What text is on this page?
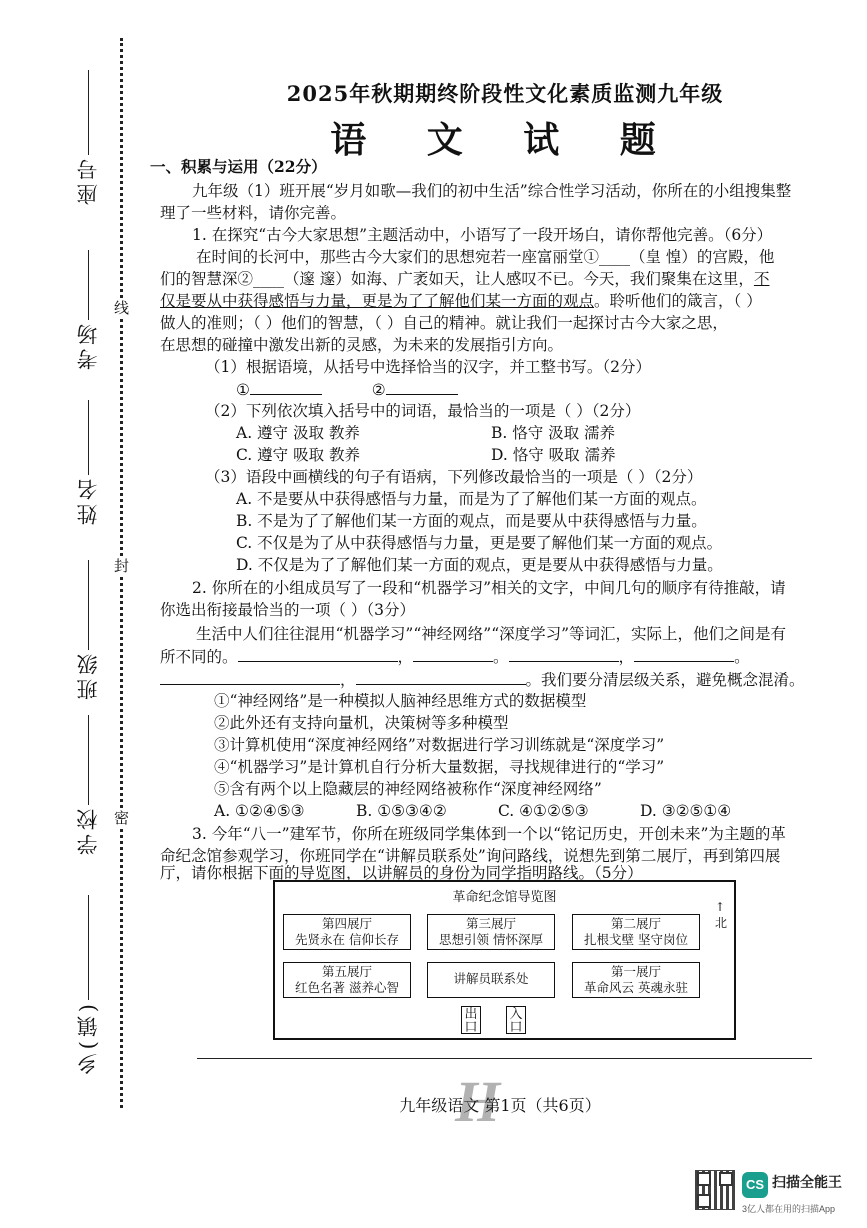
线
封
密
座号
考场
姓名
班级
学校
乡(镇)
2025年秋期期终阶段性文化素质监测九年级
语 文 试 题
一、积累与运用（22分）
九年级（1）班开展“岁月如歌—我们的初中生活”综合性学习活动，你所在的小组搜集整
理了一些材料，请你完善。
1. 在探究“古今大家思想”主题活动中，小语写了一段开场白，请你帮他完善。（6分）
在时间的长河中，那些古今大家们的思想宛若一座富丽堂①____（皇 惶）的宫殿，他
们的智慧深②____（邃 邃）如海、广袤如天，让人感叹不已。今天，我们聚集在这里，不
仅是要从中获得感悟与力量，更是为了了解他们某一方面的观点。聆听他们的箴言，（ ）
做人的准则；（ ）他们的智慧，（ ）自己的精神。就让我们一起探讨古今大家之思，
在思想的碰撞中激发出新的灵感，为未来的发展指引方向。
（1）根据语境，从括号中选择恰当的汉字，并工整书写。（2分）
①	②
（2）下列依次填入括号中的词语，最恰当的一项是（ ）（2分）
A. 遵守 汲取 教养	B. 恪守 汲取 濡养
C. 遵守 吸取 教养	D. 恪守 吸取 濡养
（3）语段中画横线的句子有语病，下列修改最恰当的一项是（ ）（2分）
A. 不是要从中获得感悟与力量，而是为了了解他们某一方面的观点。
B. 不是为了了解他们某一方面的观点，而是要从中获得感悟与力量。
C. 不仅是为了从中获得感悟与力量，更是要了解他们某一方面的观点。
D. 不仅是为了了解他们某一方面的观点，更是要从中获得感悟与力量。
2. 你所在的小组成员写了一段和“机器学习”相关的文字，中间几句的顺序有待推敲，请
你选出衔接最恰当的一项（ ）（3分）
生活中人们往往混用“机器学习”“神经网络”“深度学习”等词汇，实际上，他们之间是有
所不同的。	，	。	，	。
，	。我们要分清层级关系，避免概念混淆。
①“神经网络”是一种模拟人脑神经思维方式的数据模型
②此外还有支持向量机，决策树等多种模型
③计算机使用“深度神经网络”对数据进行学习训练就是“深度学习”
④“机器学习”是计算机自行分析大量数据，寻找规律进行的“学习”
⑤含有两个以上隐藏层的神经网络被称作“深度神经网络”
A. ①②④⑤③	B. ①⑤③④②	C. ④①②⑤③	D. ③②⑤①④
3. 今年“八一”建军节，你所在班级同学集体到一个以“铭记历史，开创未来”为主题的革
命纪念馆参观学习，你班同学在“讲解员联系处”询问路线，说想先到第二展厅，再到第四展
厅，请你根据下面的导览图，以讲解员的身份为同学指明路线。（5分）
革命纪念馆导览图
↑北
第四展厅
先贤永在 信仰长存
第三展厅
思想引领 情怀深厚
第二展厅
扎根戈壁 坚守岗位
第五展厅
红色名著 滋养心智
讲解员联系处	第一展厅
革命风云 英魂永驻
出口
入口
H
九年级语文 第1页（共6页）
CS 扫描全能王
3亿人都在用的扫描App
